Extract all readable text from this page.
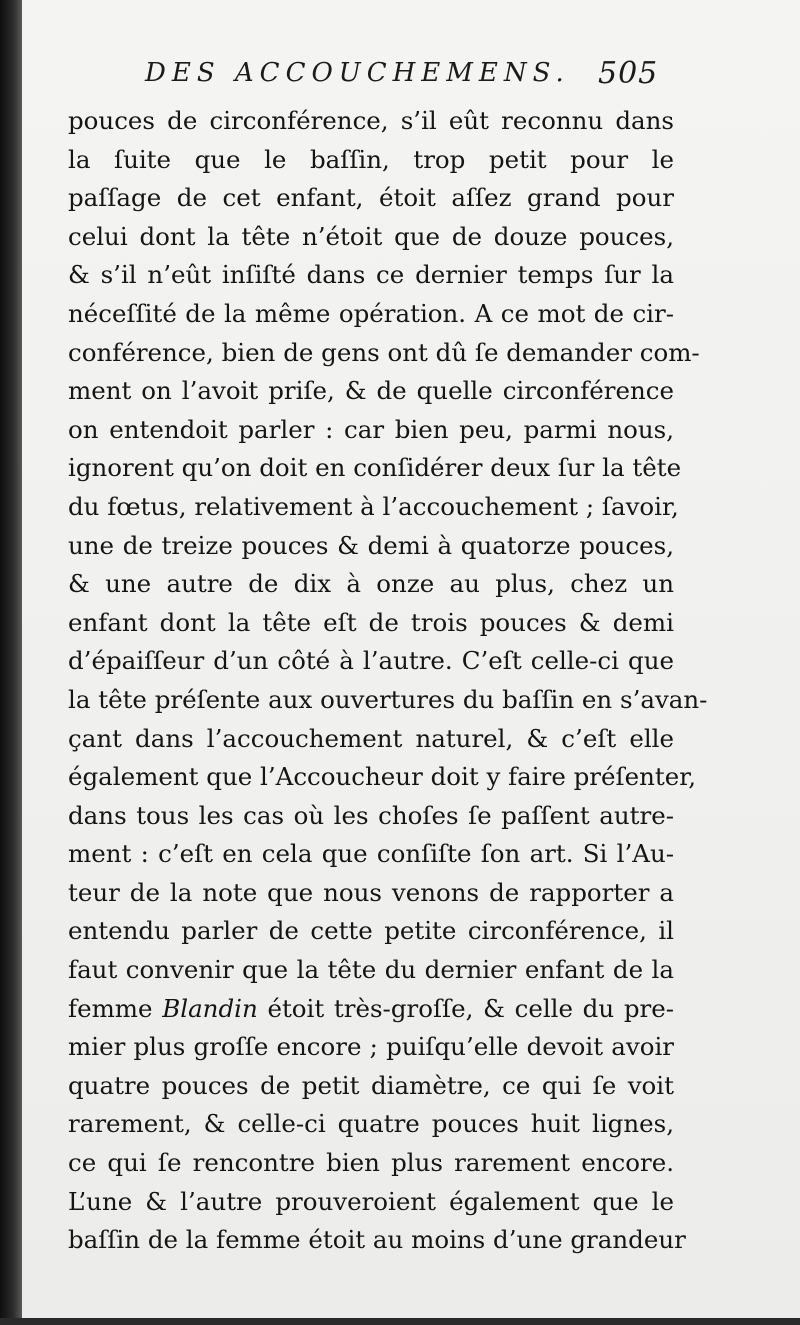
DES ACCOUCHEMENS. 505
pouces de circonférence, s’il eût reconnu dans
la ſuite que le baſſin, trop petit pour le
paſſage de cet enfant, étoit aſſez grand pour
celui dont la tête n’étoit que de douze pouces,
& s’il n’eût inſiſté dans ce dernier temps ſur la
néceſſité de la même opération. A ce mot de cir-
conférence, bien de gens ont dû ſe demander com-
ment on l’avoit priſe, & de quelle circonférence
on entendoit parler : car bien peu, parmi nous,
ignorent qu’on doit en conſidérer deux ſur la tête
du fœtus, relativement à l’accouchement ; ſavoir,
une de treize pouces & demi à quatorze pouces,
& une autre de dix à onze au plus, chez un
enfant dont la tête eſt de trois pouces & demi
d’épaiſſeur d’un côté à l’autre. C’eſt celle-ci que
la tête préſente aux ouvertures du baſſin en s’avan-
çant dans l’accouchement naturel, & c’eſt elle
également que l’Accoucheur doit y faire préſenter,
dans tous les cas où les choſes ſe paſſent autre-
ment : c’eſt en cela que conſiſte ſon art. Si l’Au-
teur de la note que nous venons de rapporter a
entendu parler de cette petite circonférence, il
faut convenir que la tête du dernier enfant de la
femme Blandin étoit très-groſſe, & celle du pre-
mier plus groſſe encore ; puiſqu’elle devoit avoir
quatre pouces de petit diamètre, ce qui ſe voit
rarement, & celle-ci quatre pouces huit lignes,
ce qui ſe rencontre bien plus rarement encore.
L’une & l’autre prouveroient également que le
baſſin de la femme étoit au moins d’une grandeur
